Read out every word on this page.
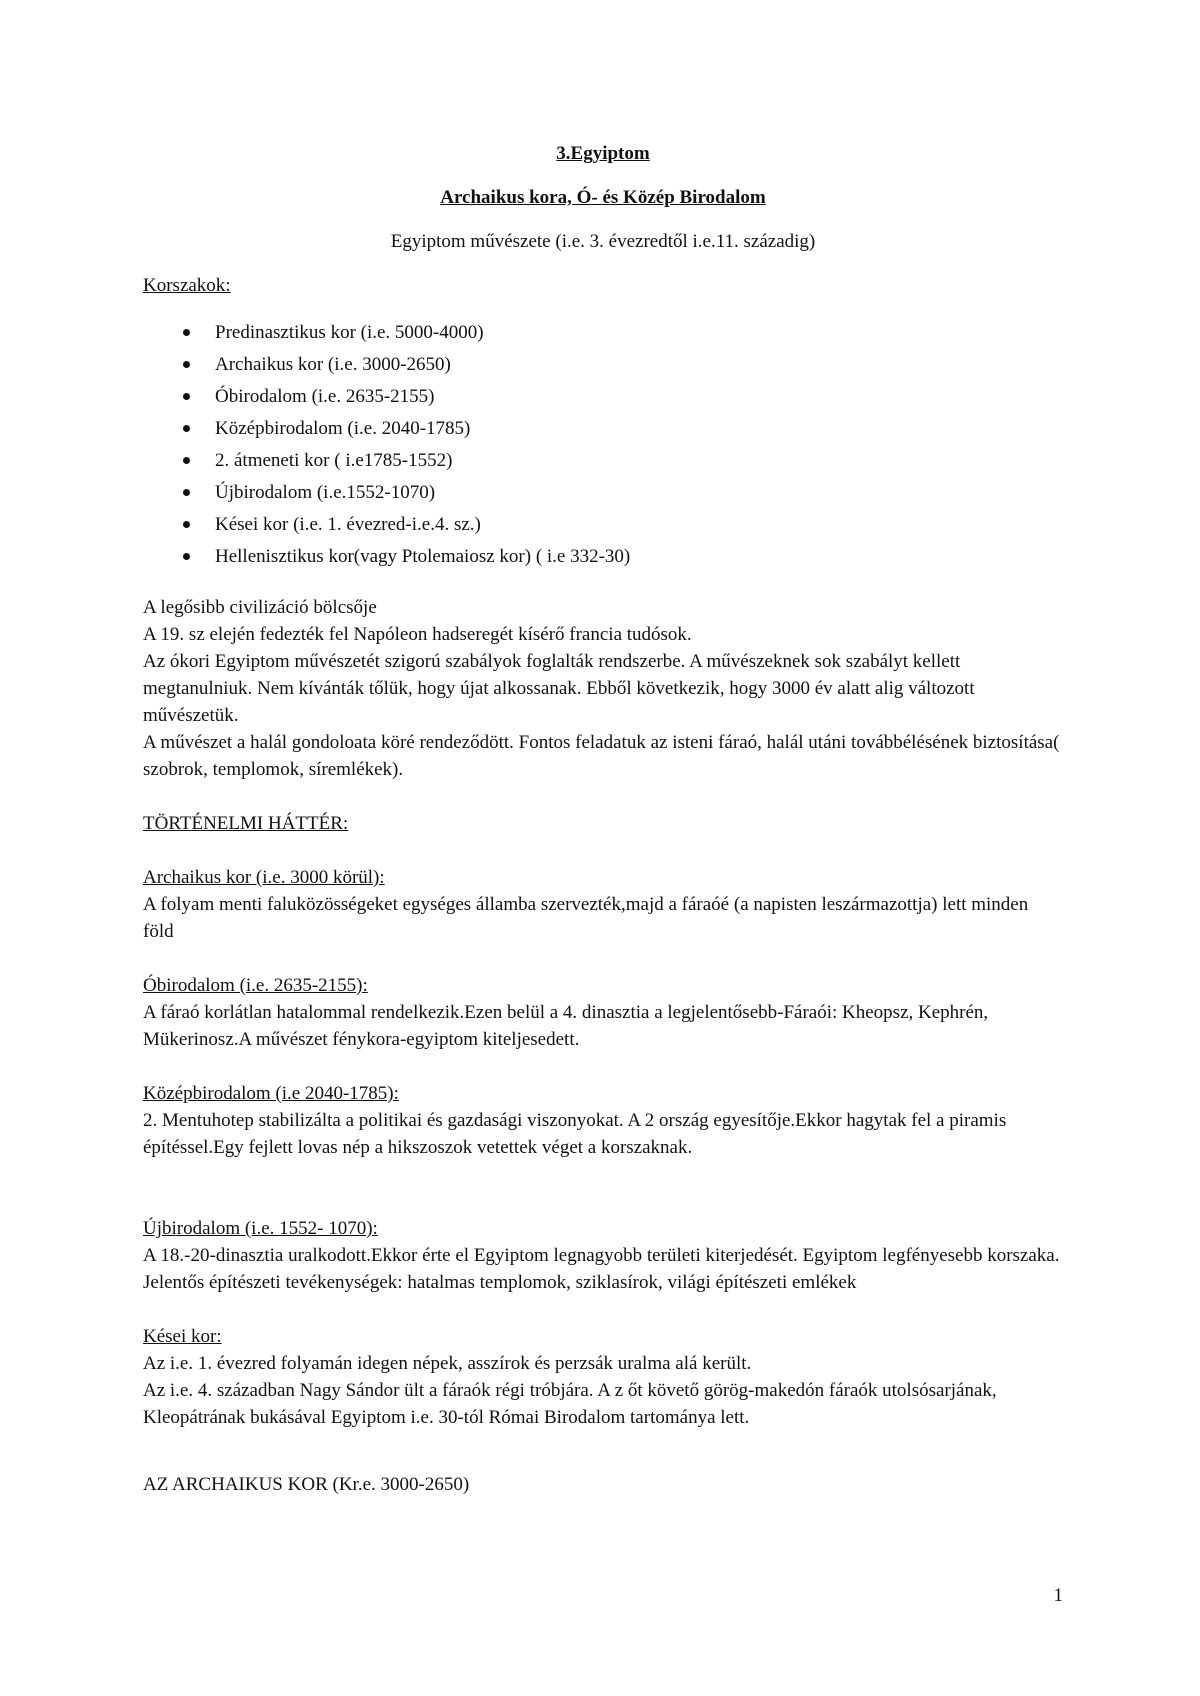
3.Egyiptom

Archaikus kora, Ó- és Közép Birodalom

Egyiptom művészete (i.e. 3. évezredtől i.e.11. századig)

Korszakok:

Predinasztikus kor (i.e. 5000-4000)
Archaikus kor (i.e. 3000-2650)
Óbirodalom (i.e. 2635-2155)
Középbirodalom (i.e. 2040-1785)
2. átmeneti kor ( i.e1785-1552)
Újbirodalom (i.e.1552-1070)
Kései kor (i.e. 1. évezred-i.e.4. sz.)
Hellenisztikus kor(vagy Ptolemaiosz kor) ( i.e 332-30)

A legősibb civilizáció bölcsője

A 19. sz elején fedezték fel Napóleon hadseregét kísérő francia tudósok.

Az ókori Egyiptom művészetét szigorú szabályok foglalták rendszerbe. A művészeknek sok szabályt kellett megtanulniuk. Nem kívánták tőlük, hogy újat alkossanak. Ebből következik, hogy 3000 év alatt alig változott művészetük.

A művészet a halál gondoloata köré rendeződött. Fontos feladatuk az isteni fáraó, halál utáni továbbélésének biztosítása( szobrok, templomok, síremlékek).

TÖRTÉNELMI HÁTTÉR:

Archaikus kor (i.e. 3000 körül):

A folyam menti faluközösségeket egységes államba szervezték,majd a fáraóé (a napisten leszármazottja) lett minden föld

Óbirodalom (i.e. 2635-2155):

A fáraó korlátlan hatalommal rendelkezik.Ezen belül a 4. dinasztia a legjelentősebb-Fáraói: Kheopsz, Kephrén, Mükerinosz.A művészet fénykora-egyiptom kiteljesedett.

Középbirodalom (i.e 2040-1785):

2. Mentuhotep stabilizálta a politikai és gazdasági viszonyokat. A 2 ország egyesítője.Ekkor hagytak fel a piramis építéssel.Egy fejlett lovas nép a hikszoszok vetettek véget a korszaknak.

Újbirodalom (i.e. 1552- 1070):

A 18.-20-dinasztia uralkodott.Ekkor érte el Egyiptom legnagyobb területi kiterjedését. Egyiptom legfényesebb korszaka.

Jelentős építészeti tevékenységek: hatalmas templomok, sziklasírok, világi építészeti emlékek

Kései kor:

Az i.e. 1. évezred folyamán idegen népek, asszírok és perzsák uralma alá került.

Az i.e. 4. században Nagy Sándor ült a fáraók régi tróbjára. A z őt követő görög-makedón fáraók utolsósarjának, Kleopátrának bukásával Egyiptom i.e. 30-tól Római Birodalom tartománya lett.

AZ ARCHAIKUS KOR (Kr.e. 3000-2650)

1
